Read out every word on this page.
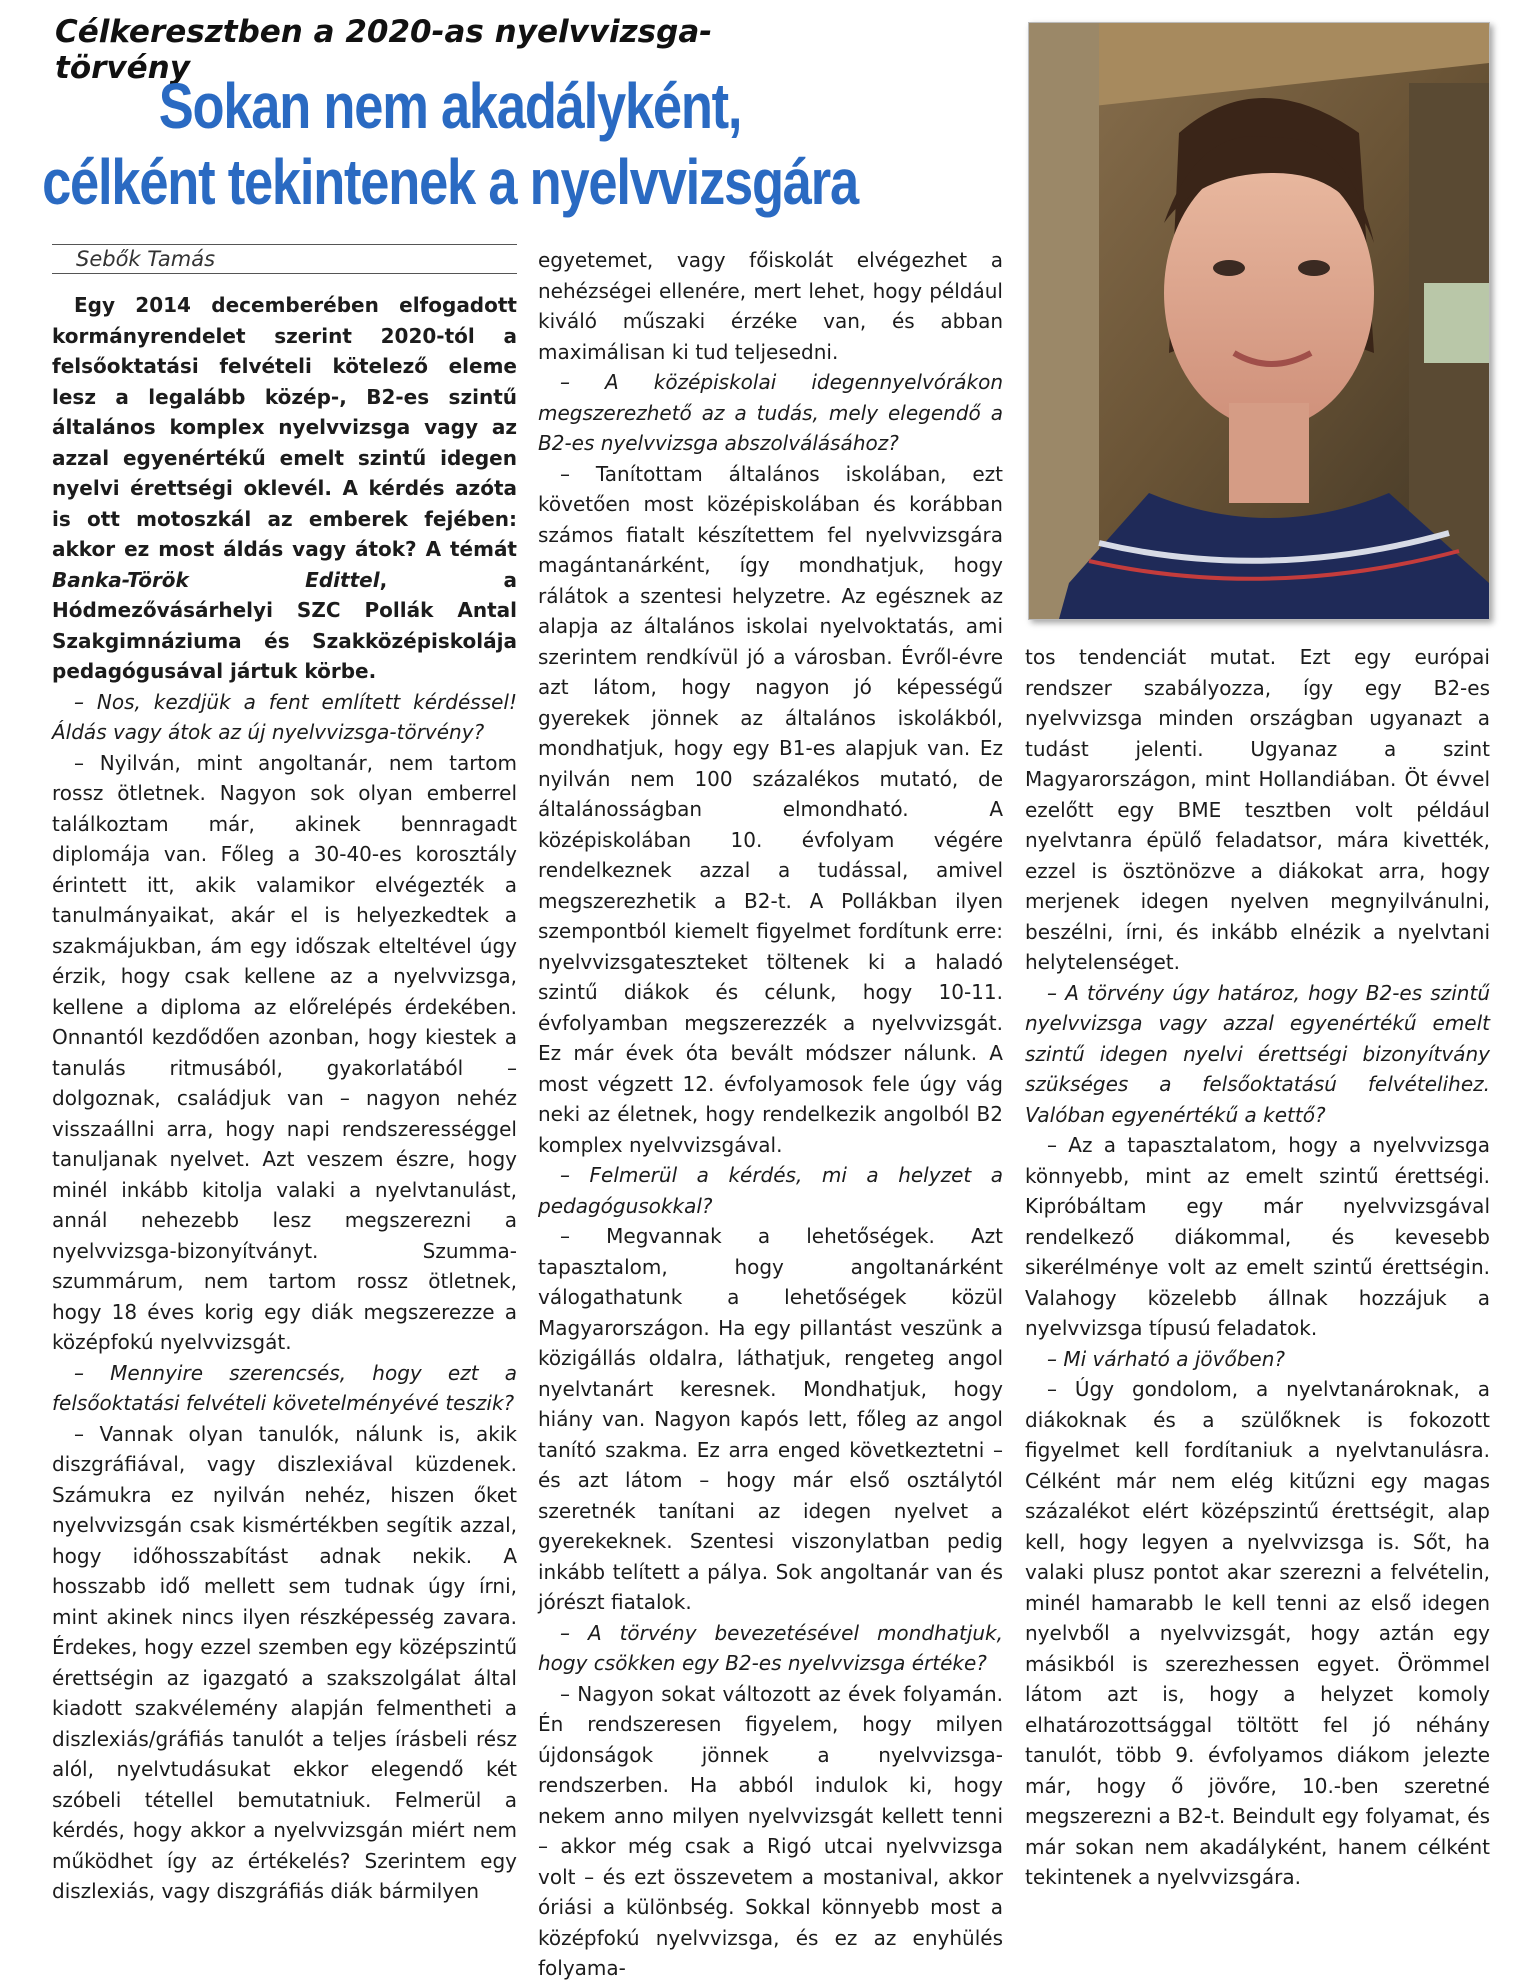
Célkeresztben a 2020-as nyelvvizsga-törvény
Sokan nem akadályként,
célként tekintenek a nyelvvizsgára
Sebők Tamás

Egy 2014 decemberében elfogadott kormányrendelet szerint 2020-tól a felsőoktatási felvételi kötelező eleme lesz a legalább közép-, B2-es szintű általános komplex nyelvvizsga vagy az azzal egyenértékű emelt szintű idegen nyelvi érettségi oklevél. A kérdés azóta is ott motoszkál az emberek fejében: akkor ez most áldás vagy átok? A témát Banka-Török Edittel, a Hódmezővásárhelyi SZC Pollák Antal Szakgimnáziuma és Szakközépiskolája pedagógusával jártuk körbe.

– Nos, kezdjük a fent említett kérdéssel! Áldás vagy átok az új nyelvvizsga-törvény?

– Nyilván, mint angoltanár, nem tartom rossz ötletnek. Nagyon sok olyan emberrel találkoztam már, akinek bennragadt diplomája van. Főleg a 30-40-es korosztály érintett itt, akik valamikor elvégezték a tanulmányaikat, akár el is helyezkedtek a szakmájukban, ám egy időszak elteltével úgy érzik, hogy csak kellene az a nyelvvizsga, kellene a diploma az előrelépés érdekében. Onnantól kezdődően azonban, hogy kiestek a tanulás ritmusából, gyakorlatából – dolgoznak, családjuk van – nagyon nehéz visszaállni arra, hogy napi rendszerességgel tanuljanak nyelvet. Azt veszem észre, hogy minél inkább kitolja valaki a nyelvtanulást, annál nehezebb lesz megszerezni a nyelvvizsga-bizonyítványt. Szumma-szummárum, nem tartom rossz ötletnek, hogy 18 éves korig egy diák megszerezze a középfokú nyelvvizsgát.

– Mennyire szerencsés, hogy ezt a felsőoktatási felvételi követelményévé teszik?

– Vannak olyan tanulók, nálunk is, akik diszgráfiával, vagy diszlexiával küzdenek. Számukra ez nyilván nehéz, hiszen őket nyelvvizsgán csak kismértékben segítik azzal, hogy időhosszabítást adnak nekik. A hosszabb idő mellett sem tudnak úgy írni, mint akinek nincs ilyen részképesség zavara. Érdekes, hogy ezzel szemben egy középszintű érettségin az igazgató a szakszolgálat által kiadott szakvélemény alapján felmentheti a diszlexiás/gráfiás tanulót a teljes írásbeli rész alól, nyelvtudásukat ekkor elegendő két szóbeli tétellel bemutatniuk. Felmerül a kérdés, hogy akkor a nyelvvizsgán miért nem működhet így az értékelés? Szerintem egy diszlexiás, vagy diszgráfiás diák bármilyen

egyetemet, vagy főiskolát elvégezhet a nehézségei ellenére, mert lehet, hogy például kiváló műszaki érzéke van, és abban maximálisan ki tud teljesedni.

– A középiskolai idegennyelvórákon megszerezhető az a tudás, mely elegendő a B2-es nyelvvizsga abszolválásához?

– Tanítottam általános iskolában, ezt követően most középiskolában és korábban számos fiatalt készítettem fel nyelvvizsgára magántanárként, így mondhatjuk, hogy rálátok a szentesi helyzetre. Az egésznek az alapja az általános iskolai nyelvoktatás, ami szerintem rendkívül jó a városban. Évről-évre azt látom, hogy nagyon jó képességű gyerekek jönnek az általános iskolákból, mondhatjuk, hogy egy B1-es alapjuk van. Ez nyilván nem 100 százalékos mutató, de általánosságban elmondható. A középiskolában 10. évfolyam végére rendelkeznek azzal a tudással, amivel megszerezhetik a B2-t. A Pollákban ilyen szempontból kiemelt figyelmet fordítunk erre: nyelvvizsgateszteket töltenek ki a haladó szintű diákok és célunk, hogy 10-11. évfolyamban megszerezzék a nyelvvizsgát. Ez már évek óta bevált módszer nálunk. A most végzett 12. évfolyamosok fele úgy vág neki az életnek, hogy rendelkezik angolból B2 komplex nyelvvizsgával.

– Felmerül a kérdés, mi a helyzet a pedagógusokkal?

– Megvannak a lehetőségek. Azt tapasztalom, hogy angoltanárként válogathatunk a lehetőségek közül Magyarországon. Ha egy pillantást veszünk a közigállás oldalra, láthatjuk, rengeteg angol nyelvtanárt keresnek. Mondhatjuk, hogy hiány van. Nagyon kapós lett, főleg az angol tanító szakma. Ez arra enged következtetni – és azt látom – hogy már első osztálytól szeretnék tanítani az idegen nyelvet a gyerekeknek. Szentesi viszonylatban pedig inkább telített a pálya. Sok angoltanár van és jórészt fiatalok.

– A törvény bevezetésével mondhatjuk, hogy csökken egy B2-es nyelvvizsga értéke?

– Nagyon sokat változott az évek folyamán. Én rendszeresen figyelem, hogy milyen újdonságok jönnek a nyelvvizsga-rendszerben. Ha abból indulok ki, hogy nekem anno milyen nyelvvizsgát kellett tenni – akkor még csak a Rigó utcai nyelvvizsga volt – és ezt összevetem a mostanival, akkor óriási a különbség. Sokkal könnyebb most a középfokú nyelvvizsga, és ez az enyhülés folyama-

tos tendenciát mutat. Ezt egy európai rendszer szabályozza, így egy B2-es nyelvvizsga minden országban ugyanazt a tudást jelenti. Ugyanaz a szint Magyarországon, mint Hollandiában. Öt évvel ezelőtt egy BME tesztben volt például nyelvtanra épülő feladatsor, mára kivették, ezzel is ösztönözve a diákokat arra, hogy merjenek idegen nyelven megnyilvánulni, beszélni, írni, és inkább elnézik a nyelvtani helytelenséget.

– A törvény úgy határoz, hogy B2-es szintű nyelvvizsga vagy azzal egyenértékű emelt szintű idegen nyelvi érettségi bizonyítvány szükséges a felsőoktatású felvételihez. Valóban egyenértékű a kettő?

– Az a tapasztalatom, hogy a nyelvvizsga könnyebb, mint az emelt szintű érettségi. Kipróbáltam egy már nyelvvizsgával rendelkező diákommal, és kevesebb sikerélménye volt az emelt szintű érettségin. Valahogy közelebb állnak hozzájuk a nyelvvizsga típusú feladatok.

– Mi várható a jövőben?

– Úgy gondolom, a nyelvtanároknak, a diákoknak és a szülőknek is fokozott figyelmet kell fordítaniuk a nyelvtanulásra. Célként már nem elég kitűzni egy magas százalékot elért középszintű érettségit, alap kell, hogy legyen a nyelvvizsga is. Sőt, ha valaki plusz pontot akar szerezni a felvételin, minél hamarabb le kell tenni az első idegen nyelvből a nyelvvizsgát, hogy aztán egy másikból is szerezhessen egyet. Örömmel látom azt is, hogy a helyzet komoly elhatározottsággal töltött fel jó néhány tanulót, több 9. évfolyamos diákom jelezte már, hogy ő jövőre, 10.-ben szeretné megszerezni a B2-t. Beindult egy folyamat, és már sokan nem akadályként, hanem célként tekintenek a nyelvvizsgára.
